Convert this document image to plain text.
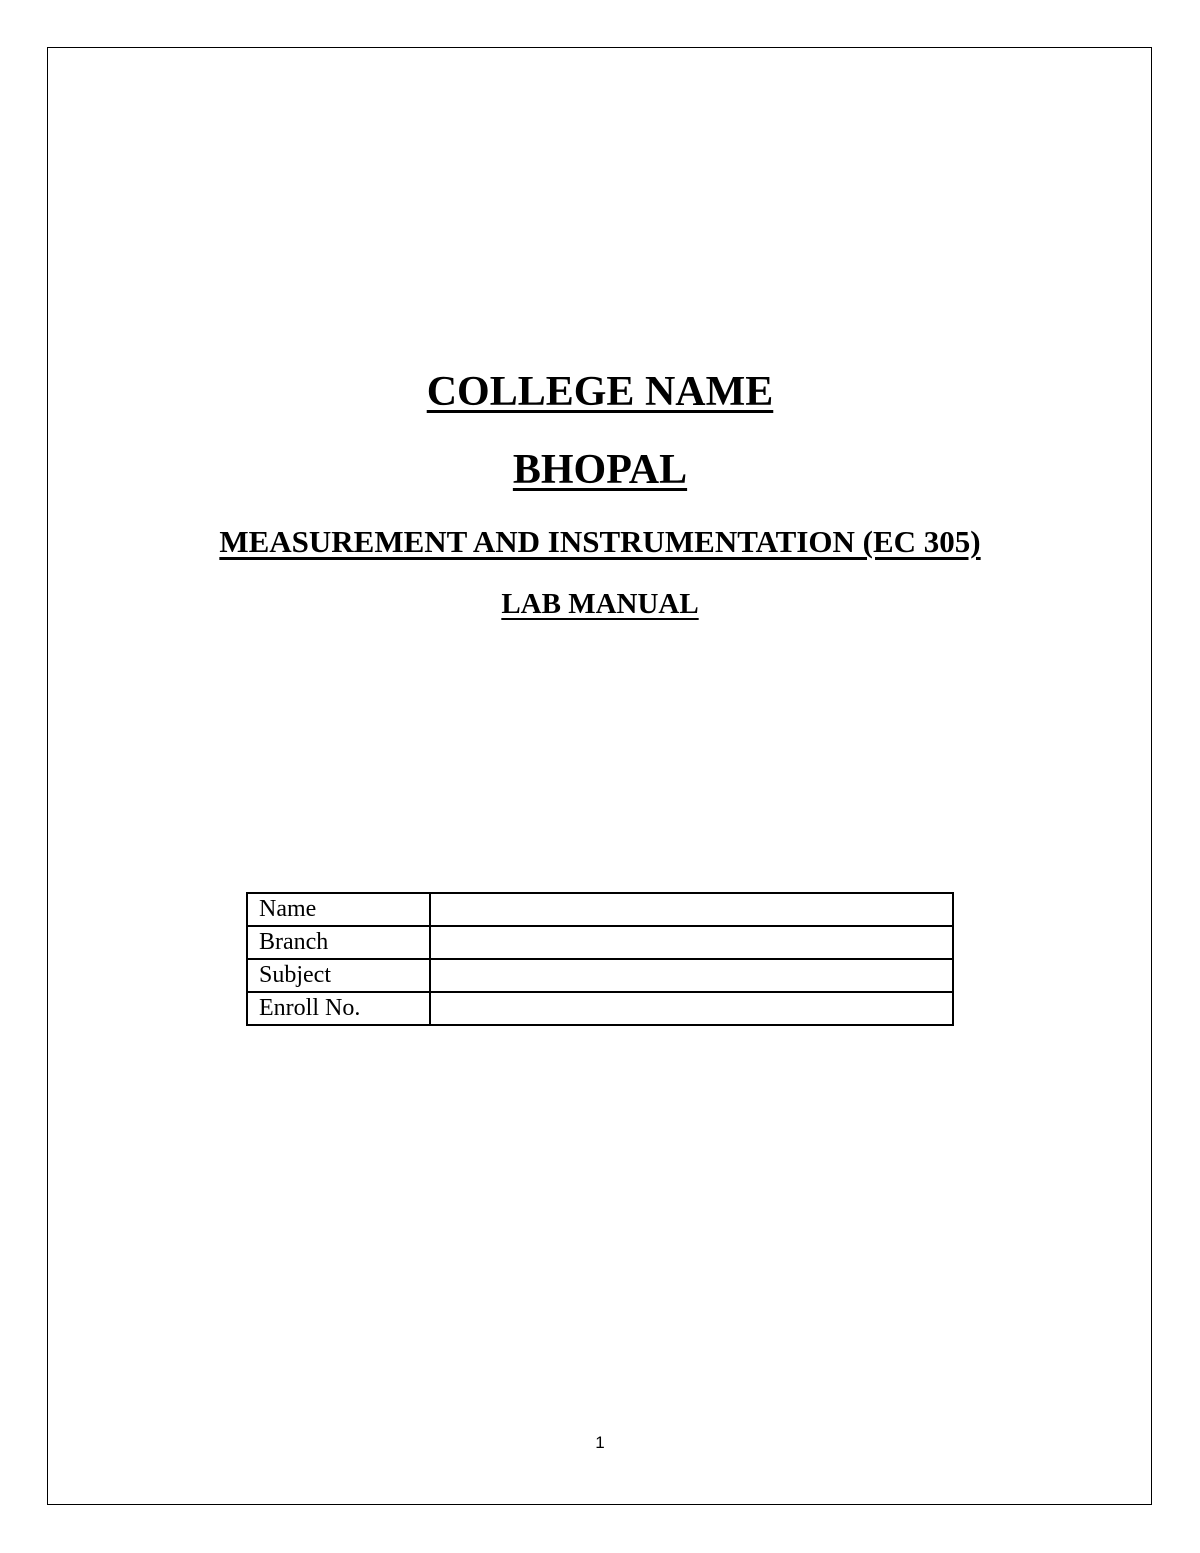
COLLEGE NAME
BHOPAL
MEASUREMENT AND INSTRUMENTATION (EC 305)
LAB MANUAL
Name	
Branch	
Subject	
Enroll No.	
1
